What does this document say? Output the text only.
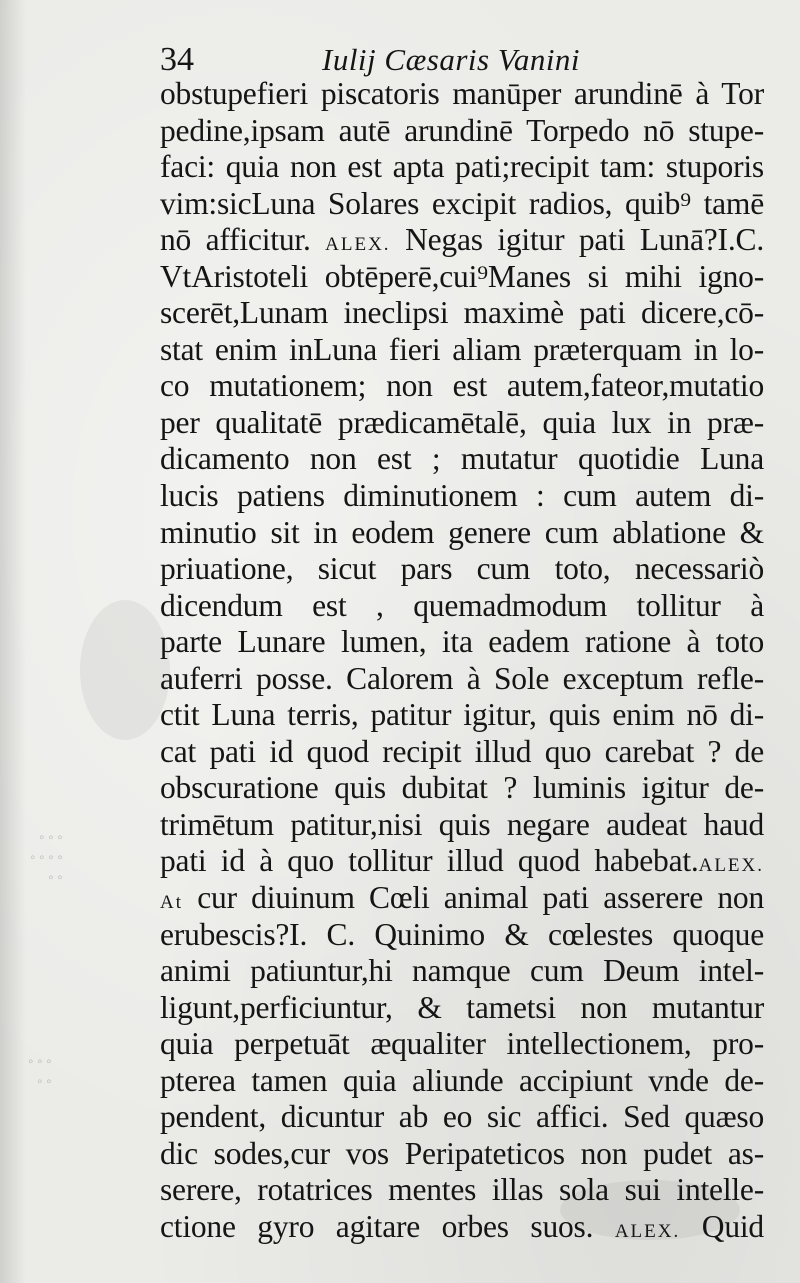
◦ ◦ ◦
◦ ◦ ◦ ◦
◦ ◦
◦ ◦ ◦
◦ ◦
34	Iulij Cæsaris Vanini
obstupefieri piscatoris manūper arundinē à Tor
pedine,ipsam autē arundinē Torpedo nō stupe-
faci: quia non est apta pati;recipit tam: stuporis
vim:sicLuna Solares excipit radios, quib⁹ tamē
nō afficitur. ALEX. Negas igitur pati Lunā?I.C.
VtAristoteli obtēperē,cui⁹Manes si mihi igno-
scerēt,Lunam ineclipsi maximè pati dicere,cō-
stat enim inLuna fieri aliam præterquam in lo-
co mutationem; non est autem,fateor,mutatio
per qualitatē prædicamētalē, quia lux in præ-
dicamento non est ; mutatur quotidie Luna
lucis patiens diminutionem : cum autem di-
minutio sit in eodem genere cum ablatione &
priuatione, sicut pars cum toto, necessariò
dicendum est , quemadmodum tollitur à
parte Lunare lumen, ita eadem ratione à toto
auferri posse. Calorem à Sole exceptum refle-
ctit Luna terris, patitur igitur, quis enim nō di-
cat pati id quod recipit illud quo carebat ? de
obscuratione quis dubitat ? luminis igitur de-
trimētum patitur,nisi quis negare audeat haud
pati id à quo tollitur illud quod habebat.ALEX.
At cur diuinum Cœli animal pati asserere non
erubescis?I. C. Quinimo & cœlestes quoque
animi patiuntur,hi namque cum Deum intel-
ligunt,perficiuntur, & tametsi non mutantur
quia perpetuāt æqualiter intellectionem, pro-
pterea tamen quia aliunde accipiunt vnde de-
pendent, dicuntur ab eo sic affici. Sed quæso
dic sodes,cur vos Peripateticos non pudet as-
serere, rotatrices mentes illas sola sui intelle-
ctione gyro agitare orbes suos. ALEX. Quid
